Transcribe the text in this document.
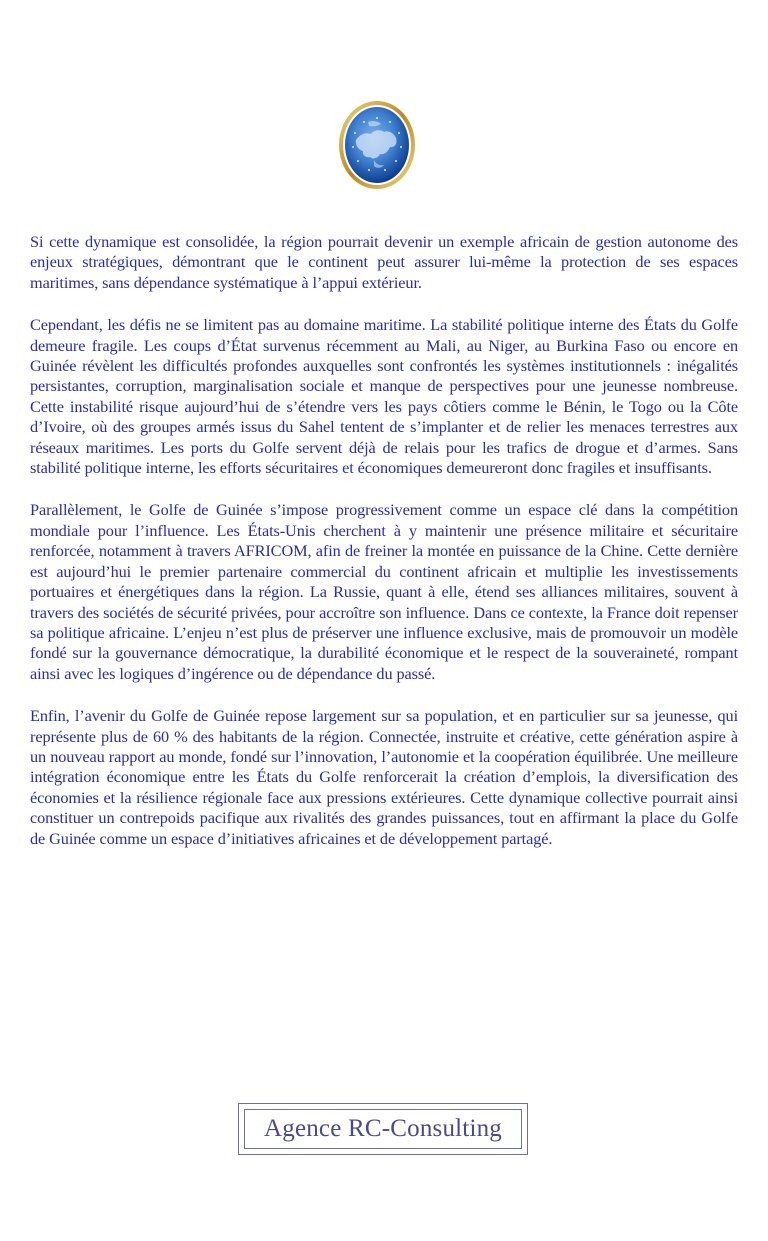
Si cette dynamique est consolidée, la région pourrait devenir un exemple africain de gestion autonome des enjeux stratégiques, démontrant que le continent peut assurer lui-même la protection de ses espaces maritimes, sans dépendance systématique à l’appui extérieur.

Cependant, les défis ne se limitent pas au domaine maritime. La stabilité politique interne des États du Golfe demeure fragile. Les coups d’État survenus récemment au Mali, au Niger, au Burkina Faso ou encore en Guinée révèlent les difficultés profondes auxquelles sont confrontés les systèmes institutionnels : inégalités persistantes, corruption, marginalisation sociale et manque de perspectives pour une jeunesse nombreuse. Cette instabilité risque aujourd’hui de s’étendre vers les pays côtiers comme le Bénin, le Togo ou la Côte d’Ivoire, où des groupes armés issus du Sahel tentent de s’implanter et de relier les menaces terrestres aux réseaux maritimes. Les ports du Golfe servent déjà de relais pour les trafics de drogue et d’armes. Sans stabilité politique interne, les efforts sécuritaires et économiques demeureront donc fragiles et insuffisants.

Parallèlement, le Golfe de Guinée s’impose progressivement comme un espace clé dans la compétition mondiale pour l’influence. Les États-Unis cherchent à y maintenir une présence militaire et sécuritaire renforcée, notamment à travers AFRICOM, afin de freiner la montée en puissance de la Chine. Cette dernière est aujourd’hui le premier partenaire commercial du continent africain et multiplie les investissements portuaires et énergétiques dans la région. La Russie, quant à elle, étend ses alliances militaires, souvent à travers des sociétés de sécurité privées, pour accroître son influence. Dans ce contexte, la France doit repenser sa politique africaine. L’enjeu n’est plus de préserver une influence exclusive, mais de promouvoir un modèle fondé sur la gouvernance démocratique, la durabilité économique et le respect de la souveraineté, rompant ainsi avec les logiques d’ingérence ou de dépendance du passé.

Enfin, l’avenir du Golfe de Guinée repose largement sur sa population, et en particulier sur sa jeunesse, qui représente plus de 60 % des habitants de la région. Connectée, instruite et créative, cette génération aspire à un nouveau rapport au monde, fondé sur l’innovation, l’autonomie et la coopération équilibrée. Une meilleure intégration économique entre les États du Golfe renforcerait la création d’emplois, la diversification des économies et la résilience régionale face aux pressions extérieures. Cette dynamique collective pourrait ainsi constituer un contrepoids pacifique aux rivalités des grandes puissances, tout en affirmant la place du Golfe de Guinée comme un espace d’initiatives africaines et de développement partagé.

Agence RC-Consulting
